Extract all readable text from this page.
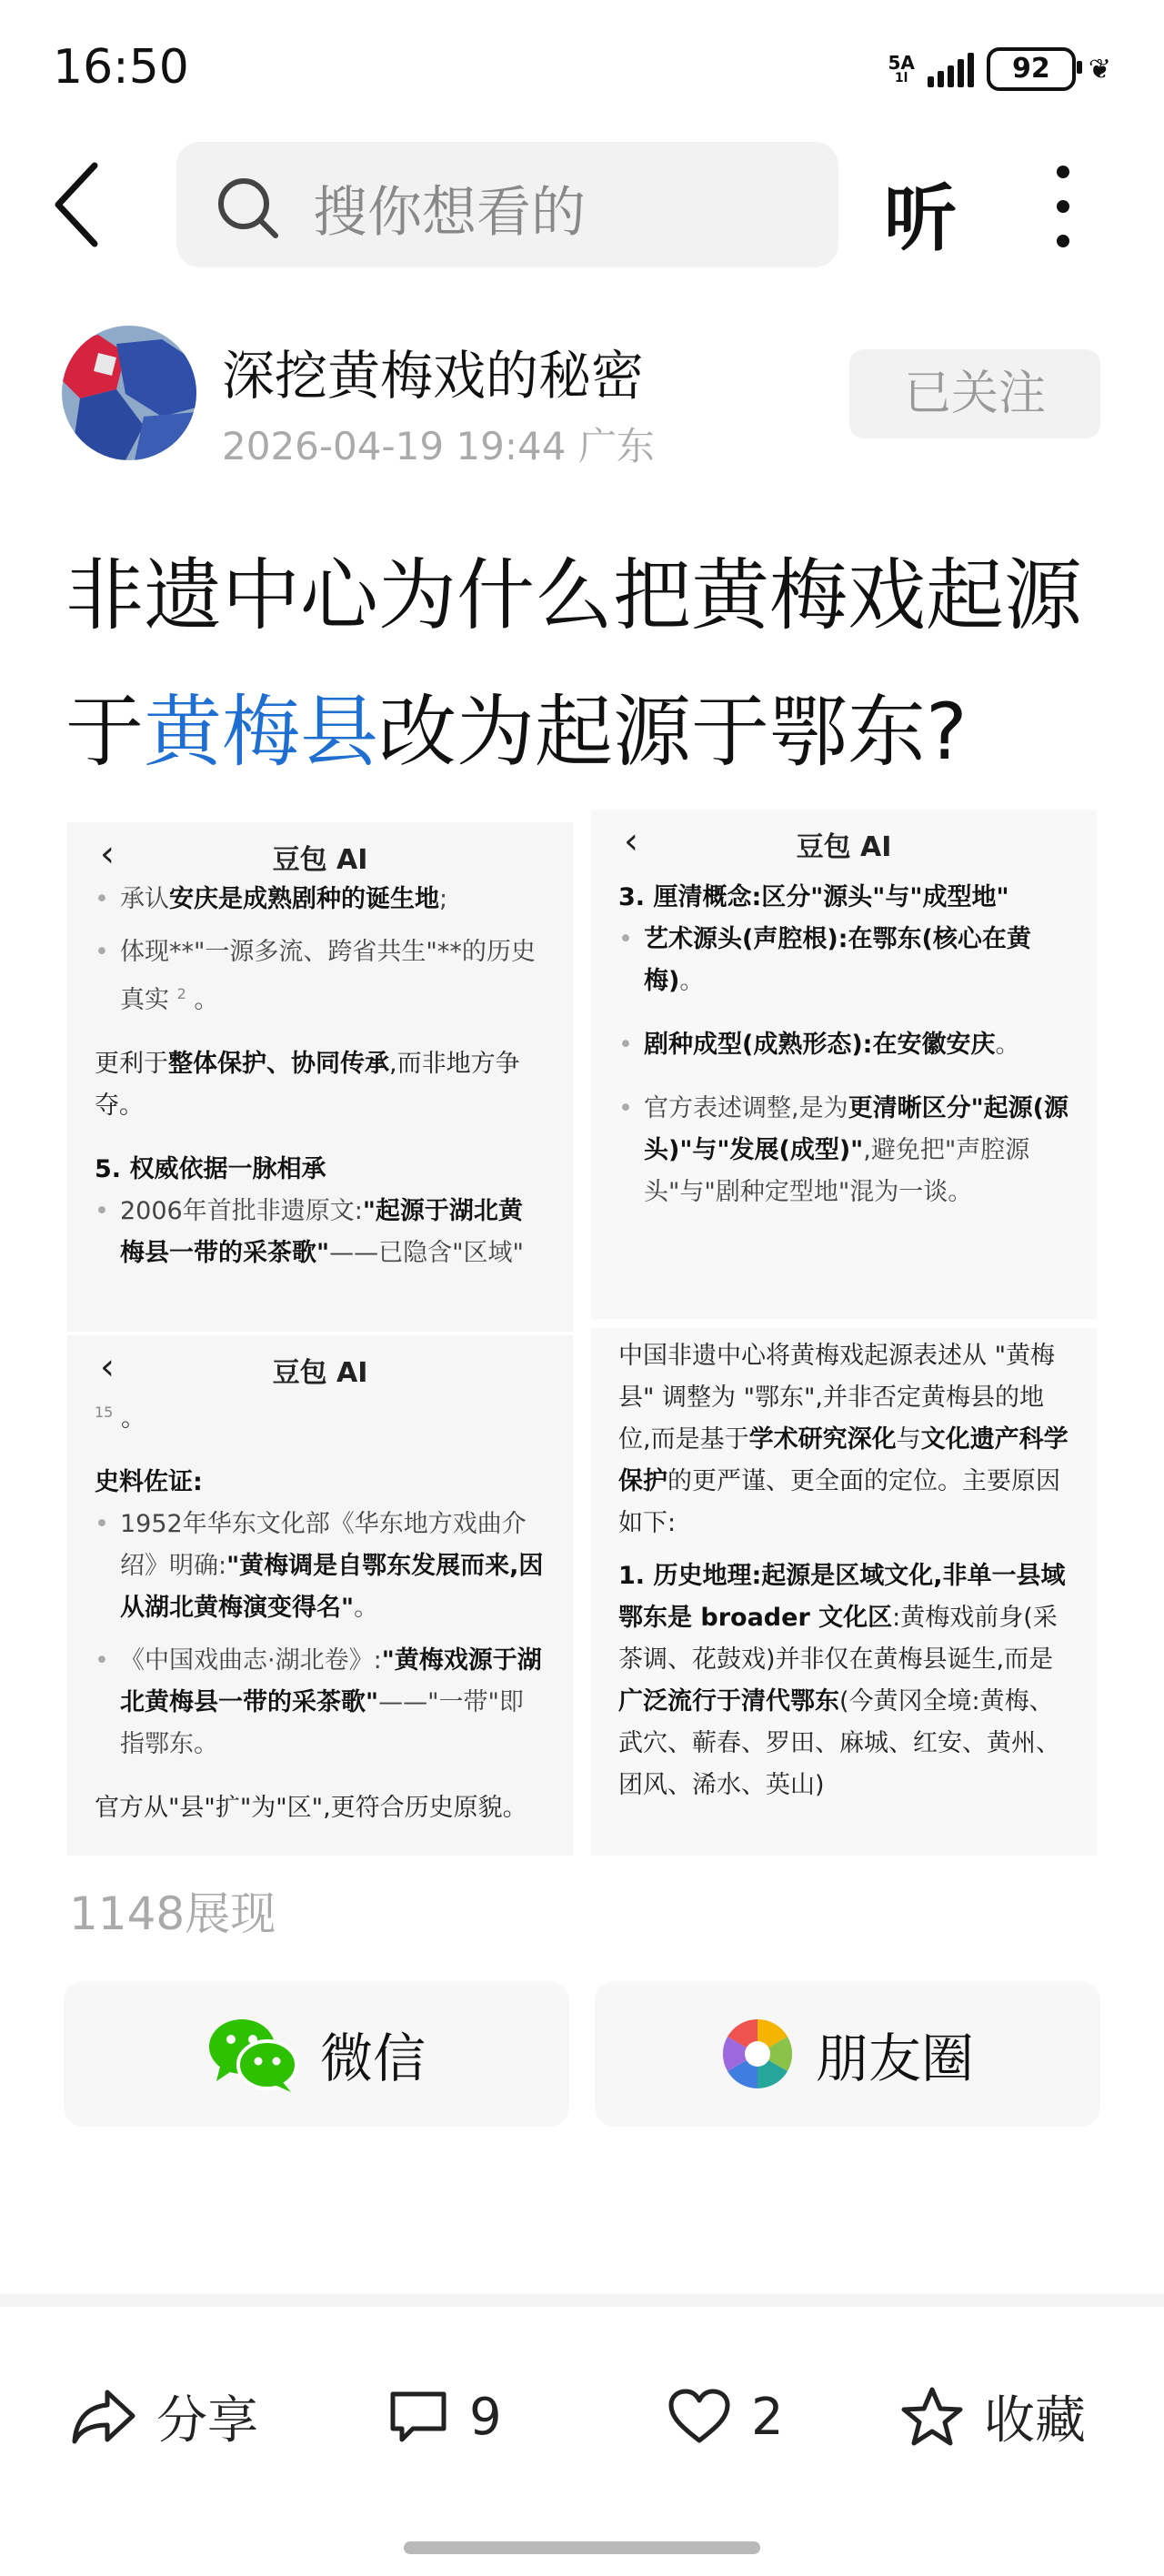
16:50	5A
1l	92	❦
搜你想看的	听
深挖黄梅戏的秘密
2026-04-19 19:44 广东
已关注
非遗中心为什么把黄梅戏起源于黄梅县改为起源于鄂东?
‹	豆包 AI

• 承认安庆是成熟剧种的诞生地;

• 体现**"一源多流、跨省共生"**的历史真实 $^2$ 。

更利于整体保护、协同传承,而非地方争夺。

5. 权威依据一脉相承

• 2006年首批非遗原文:"起源于湖北黄梅县一带的采茶歌"——已隐含"区域"

‹	豆包 AI

3. 厘清概念:区分"源头"与"成型地"

• 艺术源头(声腔根):在鄂东(核心在黄梅)。

• 剧种成型(成熟形态):在安徽安庆。

• 官方表述调整,是为更清晰区分"起源(源头)"与"发展(成型)",避免把"声腔源头"与"剧种定型地"混为一谈。

‹	豆包 AI

$^{15}$ 。

史料佐证:

• 1952年华东文化部《华东地方戏曲介绍》明确:"黄梅调是自鄂东发展而来,因从湖北黄梅演变得名"。

• 《中国戏曲志·湖北卷》:"黄梅戏源于湖北黄梅县一带的采茶歌"——"一带"即指鄂东。

官方从"县"扩"为"区",更符合历史原貌。

中国非遗中心将黄梅戏起源表述从 "黄梅县" 调整为 "鄂东",并非否定黄梅县的地位,而是基于学术研究深化与文化遗产科学保护的更严谨、更全面的定位。主要原因如下:

1. 历史地理:起源是区域文化,非单一县域

鄂东是 broader 文化区:黄梅戏前身(采茶调、花鼓戏)并非仅在黄梅县诞生,而是广泛流行于清代鄂东(今黄冈全境:黄梅、武穴、蕲春、罗田、麻城、红安、黄州、团风、浠水、英山)

1148展现
微信	朋友圈
分享	9	2	收藏
